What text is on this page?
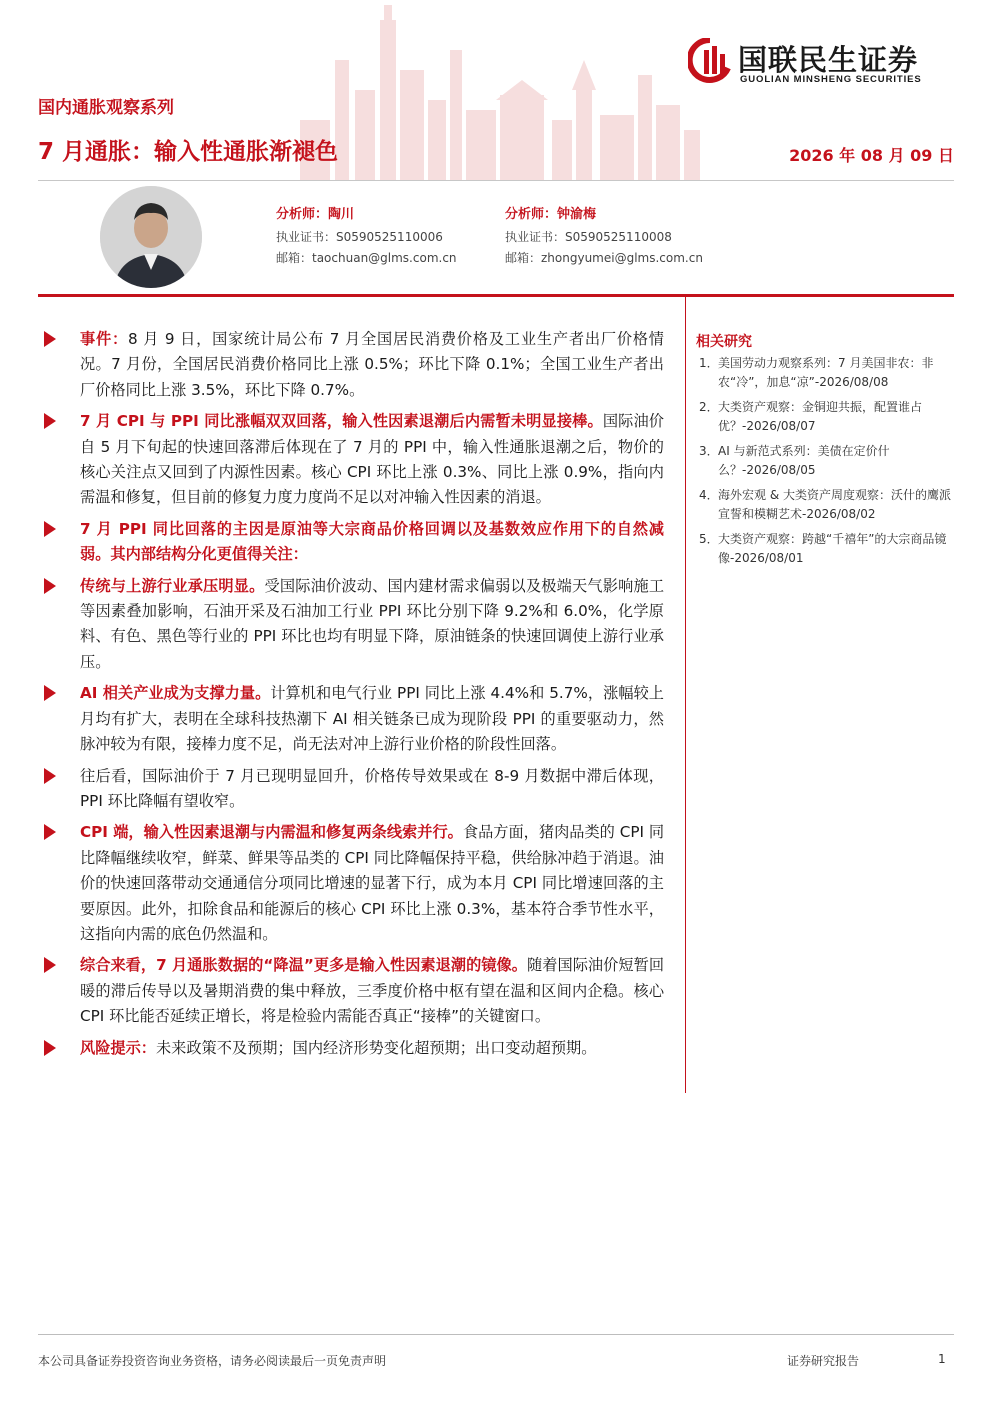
国联民生证券
GUOLIAN MINSHENG SECURITIES
国内通胀观察系列
7 月通胀：输入性通胀渐褪色	2026 年 08 月 09 日
分析师：陶川
执业证书：S0590525110006
邮箱：taochuan@glms.com.cn
分析师：钟渝梅
执业证书：S0590525110008
邮箱：zhongyumei@glms.com.cn

事件：8 月 9 日，国家统计局公布 7 月全国居民消费价格及工业生产者出厂价格情况。7 月份，全国居民消费价格同比上涨 0.5%；环比下降 0.1%；全国工业生产者出厂价格同比上涨 3.5%，环比下降 0.7%。

7 月 CPI 与 PPI 同比涨幅双双回落，输入性因素退潮后内需暂未明显接棒。国际油价自 5 月下旬起的快速回落滞后体现在了 7 月的 PPI 中，输入性通胀退潮之后，物价的核心关注点又回到了内源性因素。核心 CPI 环比上涨 0.3%、同比上涨 0.9%，指向内需温和修复，但目前的修复力度力度尚不足以对冲输入性因素的消退。

7 月 PPI 同比回落的主因是原油等大宗商品价格回调以及基数效应作用下的自然减弱。其内部结构分化更值得关注：

传统与上游行业承压明显。受国际油价波动、国内建材需求偏弱以及极端天气影响施工等因素叠加影响，石油开采及石油加工行业 PPI 环比分别下降 9.2%和 6.0%，化学原料、有色、黑色等行业的 PPI 环比也均有明显下降，原油链条的快速回调使上游行业承压。

AI 相关产业成为支撑力量。计算机和电气行业 PPI 同比上涨 4.4%和 5.7%，涨幅较上月均有扩大，表明在全球科技热潮下 AI 相关链条已成为现阶段 PPI 的重要驱动力，然脉冲较为有限，接棒力度不足，尚无法对冲上游行业价格的阶段性回落。

往后看，国际油价于 7 月已现明显回升，价格传导效果或在 8-9 月数据中滞后体现，PPI 环比降幅有望收窄。

CPI 端，输入性因素退潮与内需温和修复两条线索并行。食品方面，猪肉品类的 CPI 同比降幅继续收窄，鲜菜、鲜果等品类的 CPI 同比降幅保持平稳，供给脉冲趋于消退。油价的快速回落带动交通通信分项同比增速的显著下行，成为本月 CPI 同比增速回落的主要原因。此外，扣除食品和能源后的核心 CPI 环比上涨 0.3%，基本符合季节性水平，这指向内需的底色仍然温和。

综合来看，7 月通胀数据的“降温”更多是输入性因素退潮的镜像。随着国际油价短暂回暖的滞后传导以及暑期消费的集中释放，三季度价格中枢有望在温和区间内企稳。核心 CPI 环比能否延续正增长，将是检验内需能否真正“接棒”的关键窗口。

风险提示：未来政策不及预期；国内经济形势变化超预期；出口变动超预期。

相关研究
1． 美国劳动力观察系列：7 月美国非农：非农“冷”，加息“凉”-2026/08/08
2． 大类资产观察：金铜迎共振，配置谁占优？-2026/08/07
3． AI 与新范式系列：美债在定价什么？-2026/08/05
4． 海外宏观 & 大类资产周度观察：沃什的鹰派宣誓和模糊艺术-2026/08/02
5． 大类资产观察：跨越“千禧年”的大宗商品镜像-2026/08/01
本公司具备证券投资咨询业务资格，请务必阅读最后一页免责声明	证券研究报告	1
